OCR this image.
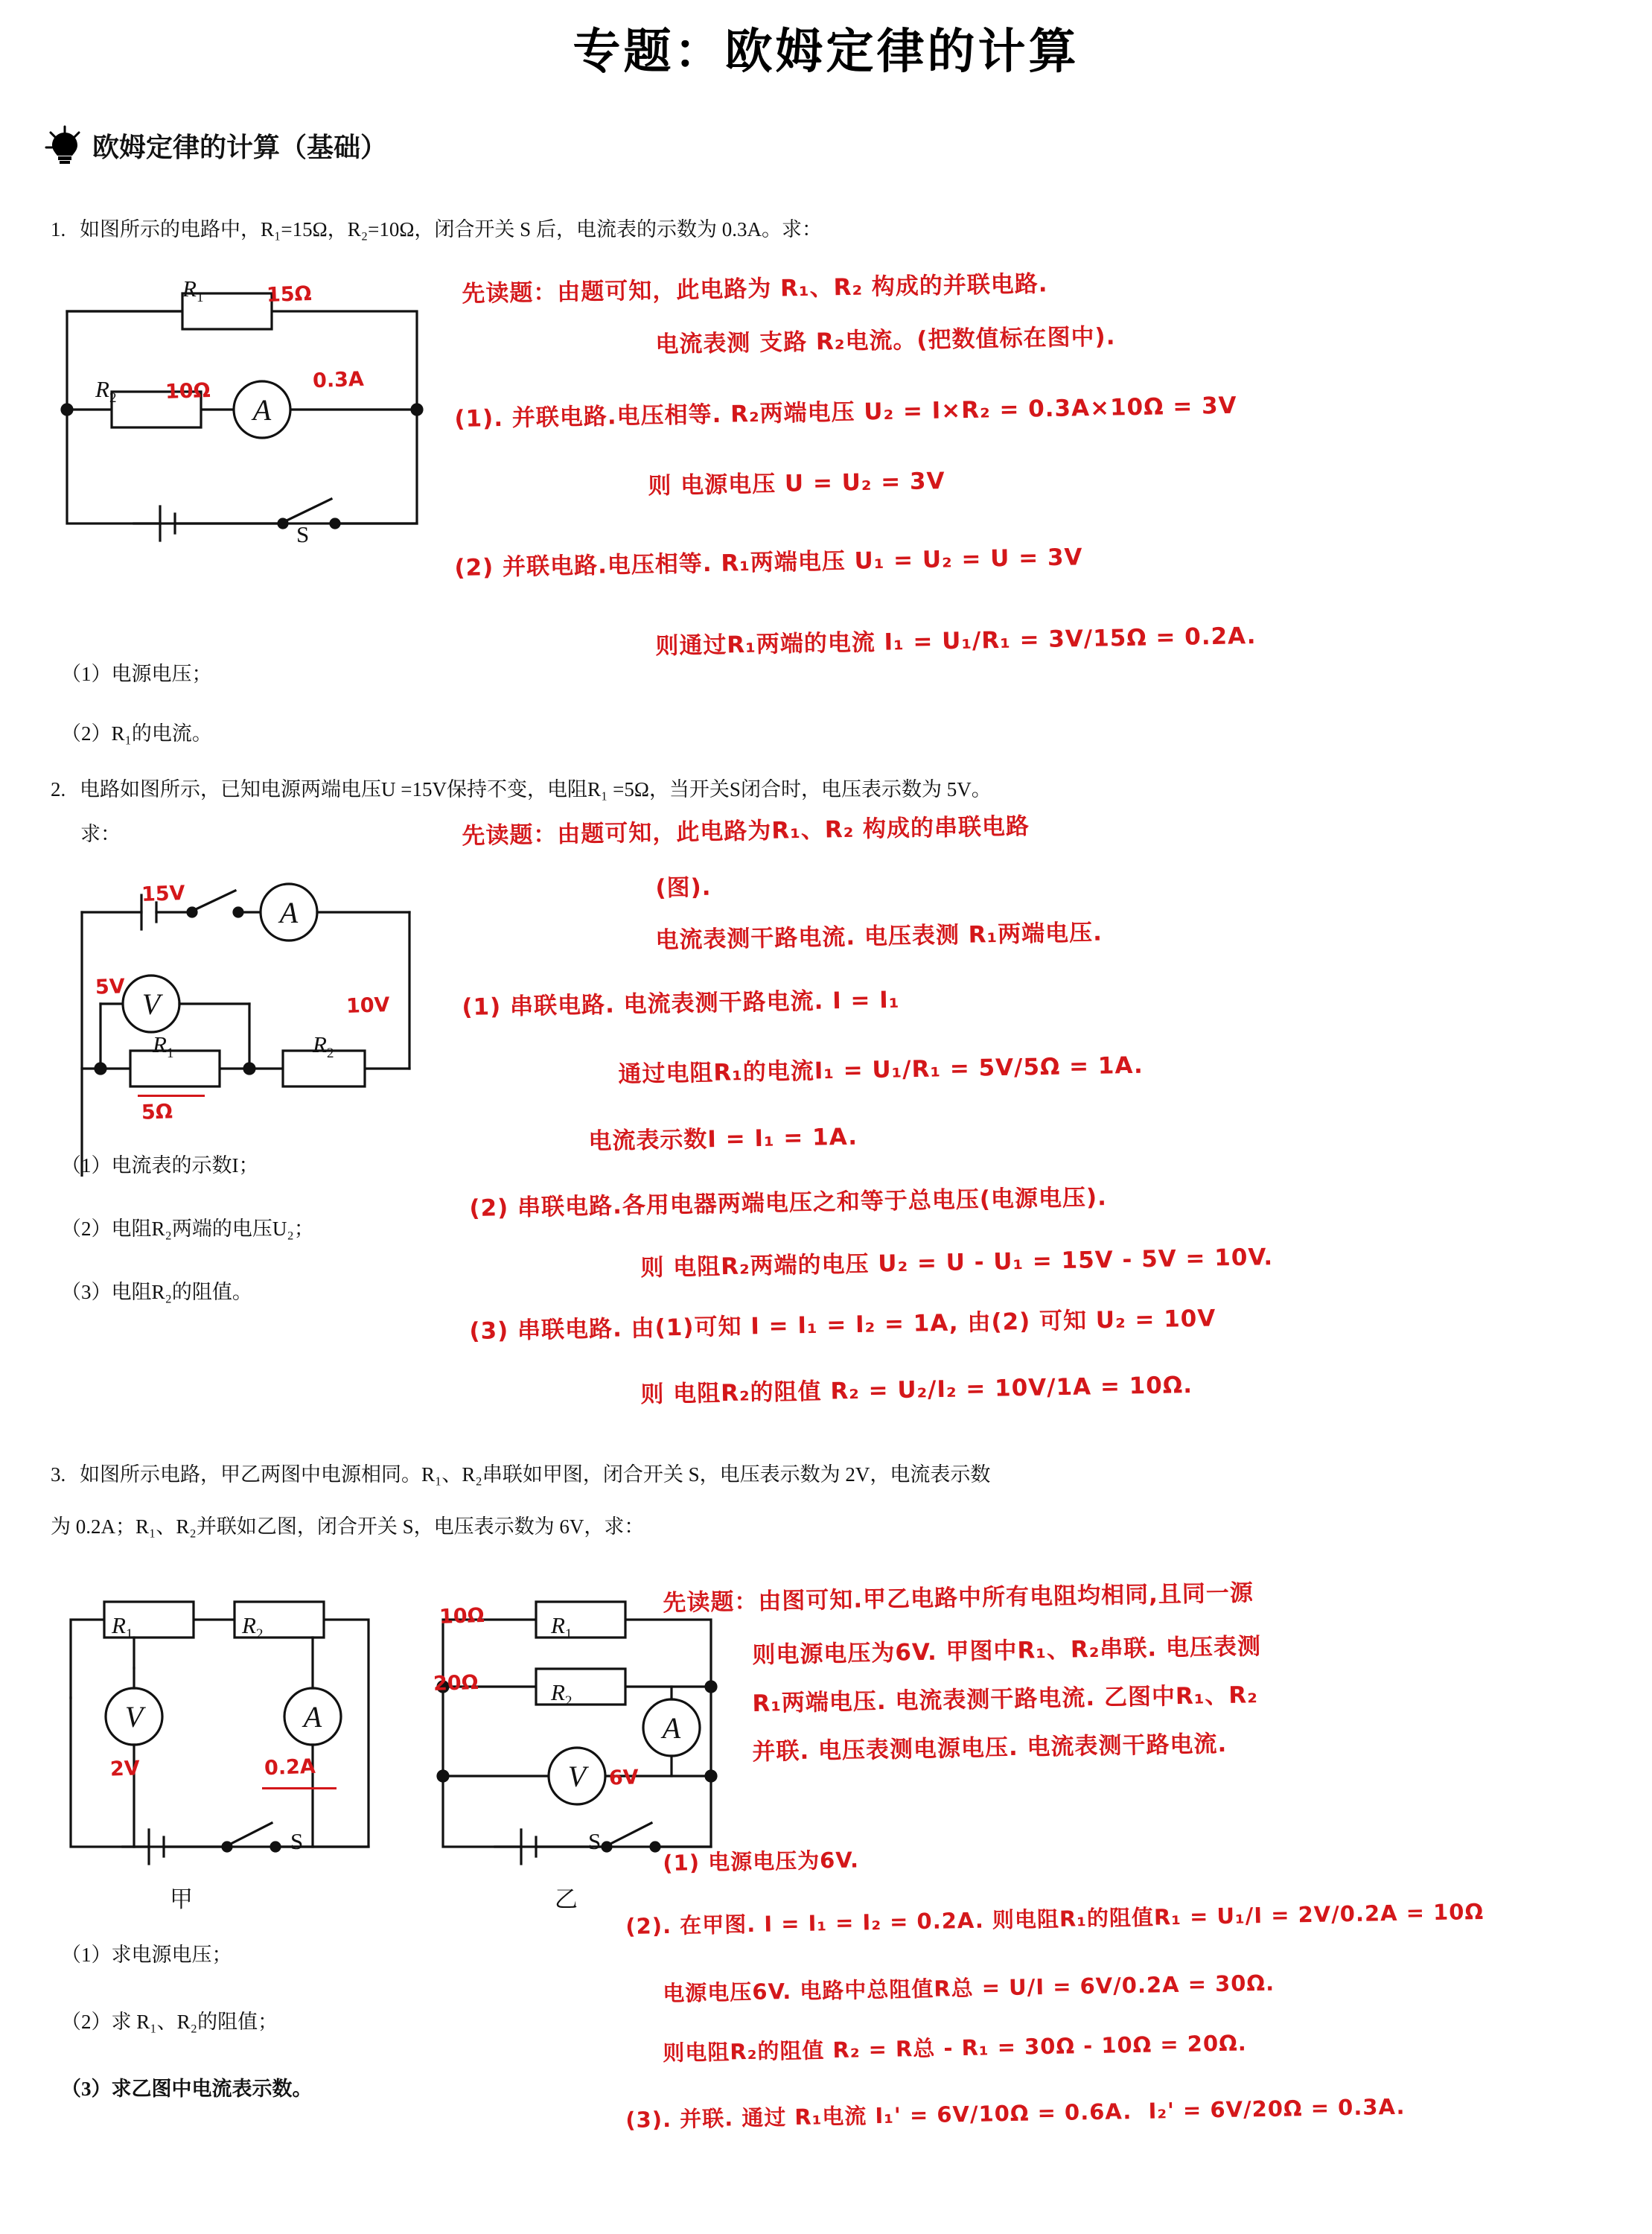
专题：欧姆定律的计算
欧姆定律的计算（基础）
1. 如图所示的电路中，R₁=15Ω，R₂=10Ω，闭合开关 S 后，电流表的示数为 0.3A。求：
A
$R_1$	15Ω
$R_2$ 10Ω	0.3A
S
（1）电源电压；
（2）R₁的电流。
先读题：由题可知，此电路为 R₁、R₂ 构成的并联电路.
电流表测 支路 R₂电流。(把数值标在图中).
(1). 并联电路.电压相等. R₂两端电压 U₂ = I×R₂ = 0.3A×10Ω = 3V
则 电源电压 U = U₂ = 3V
(2) 并联电路.电压相等. R₁两端电压 U₁ = U₂ = U = 3V
则通过R₁两端的电流 I₁ = U₁/R₁ = 3V/15Ω = 0.2A.
2. 电路如图所示，已知电源两端电压U =15V保持不变，电阻R₁ =5Ω，当开关S闭合时，电压表示数为 5V。
求：
A
V
15V
5V
10V
$R_1$	$R_2$
5Ω
（1）电流表的示数I；
（2）电阻R₂两端的电压U₂；
（3）电阻R₂的阻值。
先读题：由题可知，此电路为R₁、R₂ 构成的串联电路
(图).
电流表测干路电流. 电压表测 R₁两端电压.
(1) 串联电路. 电流表测干路电流. I = I₁
通过电阻R₁的电流I₁ = U₁/R₁ = 5V/5Ω = 1A.
电流表示数I = I₁ = 1A.
(2) 串联电路.各用电器两端电压之和等于总电压(电源电压).
则 电阻R₂两端的电压 U₂ = U - U₁ = 15V - 5V = 10V.
(3) 串联电路. 由(1)可知 I = I₁ = I₂ = 1A, 由(2) 可知 U₂ = 10V
则 电阻R₂的阻值 R₂ = U₂/I₂ = 10V/1A = 10Ω.
3. 如图所示电路，甲乙两图中电源相同。R₁、R₂串联如甲图，闭合开关 S，电压表示数为 2V，电流表示数
为 0.2A；R₁、R₂并联如乙图，闭合开关 S，电压表示数为 6V，求：
V	A
$R_1$	$R_2$
2V	0.2A
S
甲
A
V
10Ω	$R_1$
20Ω	$R_2$
6V
S
乙
（1）求电源电压；
（2）求 R₁、R₂的阻值；
（3）求乙图中电流表示数。
先读题：由图可知.甲乙电路中所有电阻均相同,且同一源
则电源电压为6V. 甲图中R₁、R₂串联. 电压表测
R₁两端电压. 电流表测干路电流. 乙图中R₁、R₂
并联. 电压表测电源电压. 电流表测干路电流.
(1) 电源电压为6V.
(2). 在甲图. I = I₁ = I₂ = 0.2A. 则电阻R₁的阻值R₁ = U₁/I = 2V/0.2A = 10Ω
电源电压6V. 电路中总阻值R总 = U/I = 6V/0.2A = 30Ω.
则电阻R₂的阻值 R₂ = R总 - R₁ = 30Ω - 10Ω = 20Ω.
(3). 并联. 通过 R₁电流 I₁' = 6V/10Ω = 0.6A.  I₂' = 6V/20Ω = 0.3A.
